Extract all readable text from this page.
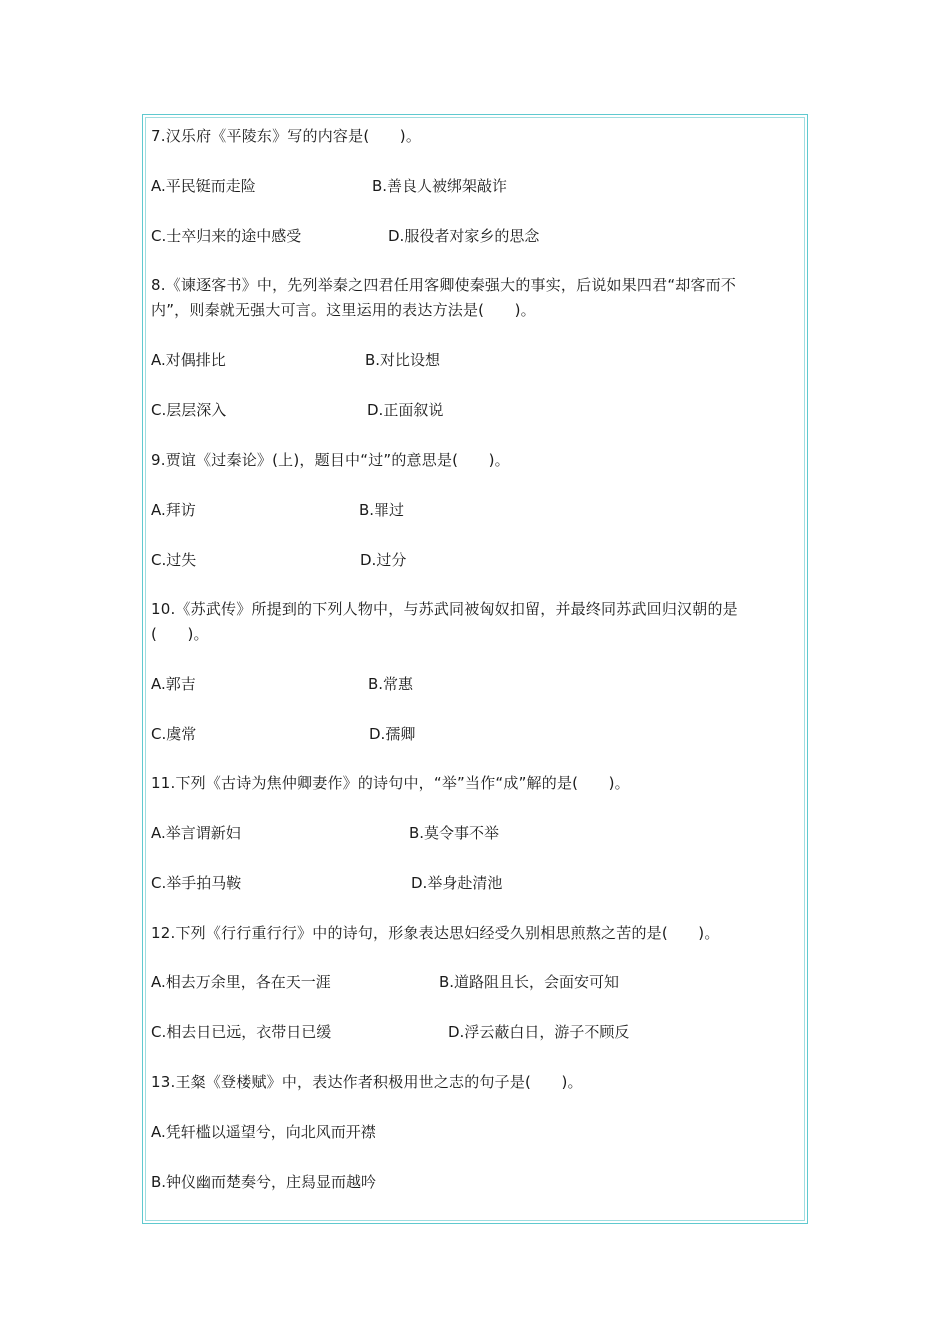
7.汉乐府《平陵东》写的内容是(　　)。
A.平民铤而走险	B.善良人被绑架敲诈
C.士卒归来的途中感受	D.服役者对家乡的思念
8.《谏逐客书》中，先列举秦之四君任用客卿使秦强大的事实，后说如果四君“却客而不
内”，则秦就无强大可言。这里运用的表达方法是(　　)。
A.对偶排比	B.对比设想
C.层层深入	D.正面叙说
9.贾谊《过秦论》(上)，题目中“过”的意思是(　　)。
A.拜访	B.罪过
C.过失	D.过分
10.《苏武传》所提到的下列人物中，与苏武同被匈奴扣留，并最终同苏武回归汉朝的是
(　　)。
A.郭吉	B.常惠
C.虞常	D.孺卿
11.下列《古诗为焦仲卿妻作》的诗句中，“举”当作“成”解的是(　　)。
A.举言谓新妇	B.莫令事不举
C.举手拍马鞍	D.举身赴清池
12.下列《行行重行行》中的诗句，形象表达思妇经受久别相思煎熬之苦的是(　　)。
A.相去万余里，各在天一涯	B.道路阻且长，会面安可知
C.相去日已远，衣带日已缓	D.浮云蔽白日，游子不顾反
13.王粲《登楼赋》中，表达作者积极用世之志的句子是(　　)。
A.凭轩槛以遥望兮，向北风而开襟
B.钟仪幽而楚奏兮，庄舄显而越吟
